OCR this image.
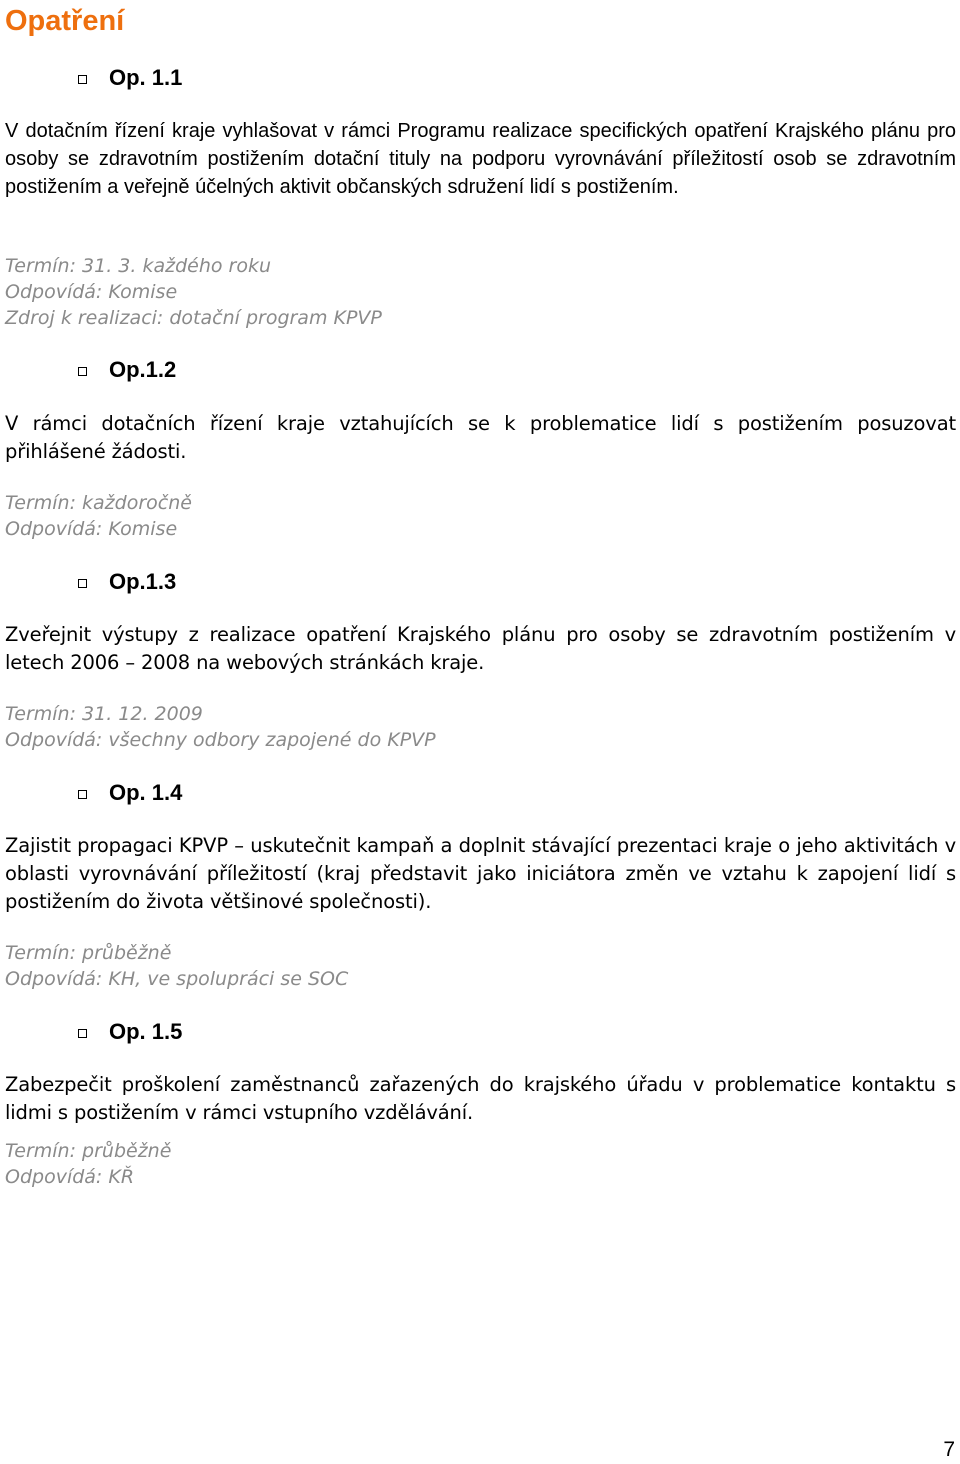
Opatření
Op. 1.1

V dotačním řízení kraje vyhlašovat v rámci Programu realizace specifických opatření Krajského plánu pro osoby se zdravotním postižením dotační tituly na podporu vyrovnávání příležitostí osob se zdravotním postižením a veřejně účelných aktivit občanských sdružení lidí s postižením.

Termín: 31. 3. každého roku

Odpovídá: Komise

Zdroj k realizaci: dotační program KPVP

Op.1.2

V rámci dotačních řízení kraje vztahujících se k problematice lidí s postižením posuzovat přihlášené žádosti.

Termín: každoročně

Odpovídá: Komise

Op.1.3

Zveřejnit výstupy z realizace opatření Krajského plánu pro osoby se zdravotním postižením v letech 2006 – 2008 na webových stránkách kraje.

Termín: 31. 12. 2009

Odpovídá: všechny odbory zapojené do KPVP

Op. 1.4

Zajistit propagaci KPVP – uskutečnit kampaň a doplnit stávající prezentaci kraje o jeho aktivitách v oblasti vyrovnávání příležitostí (kraj představit jako iniciátora změn ve vztahu k zapojení lidí s postižením do života většinové společnosti).

Termín: průběžně

Odpovídá: KH, ve spolupráci se SOC

Op. 1.5

Zabezpečit proškolení zaměstnanců zařazených do krajského úřadu v problematice kontaktu s lidmi s postižením v rámci vstupního vzdělávání.

Termín: průběžně

Odpovídá: KŘ

7
